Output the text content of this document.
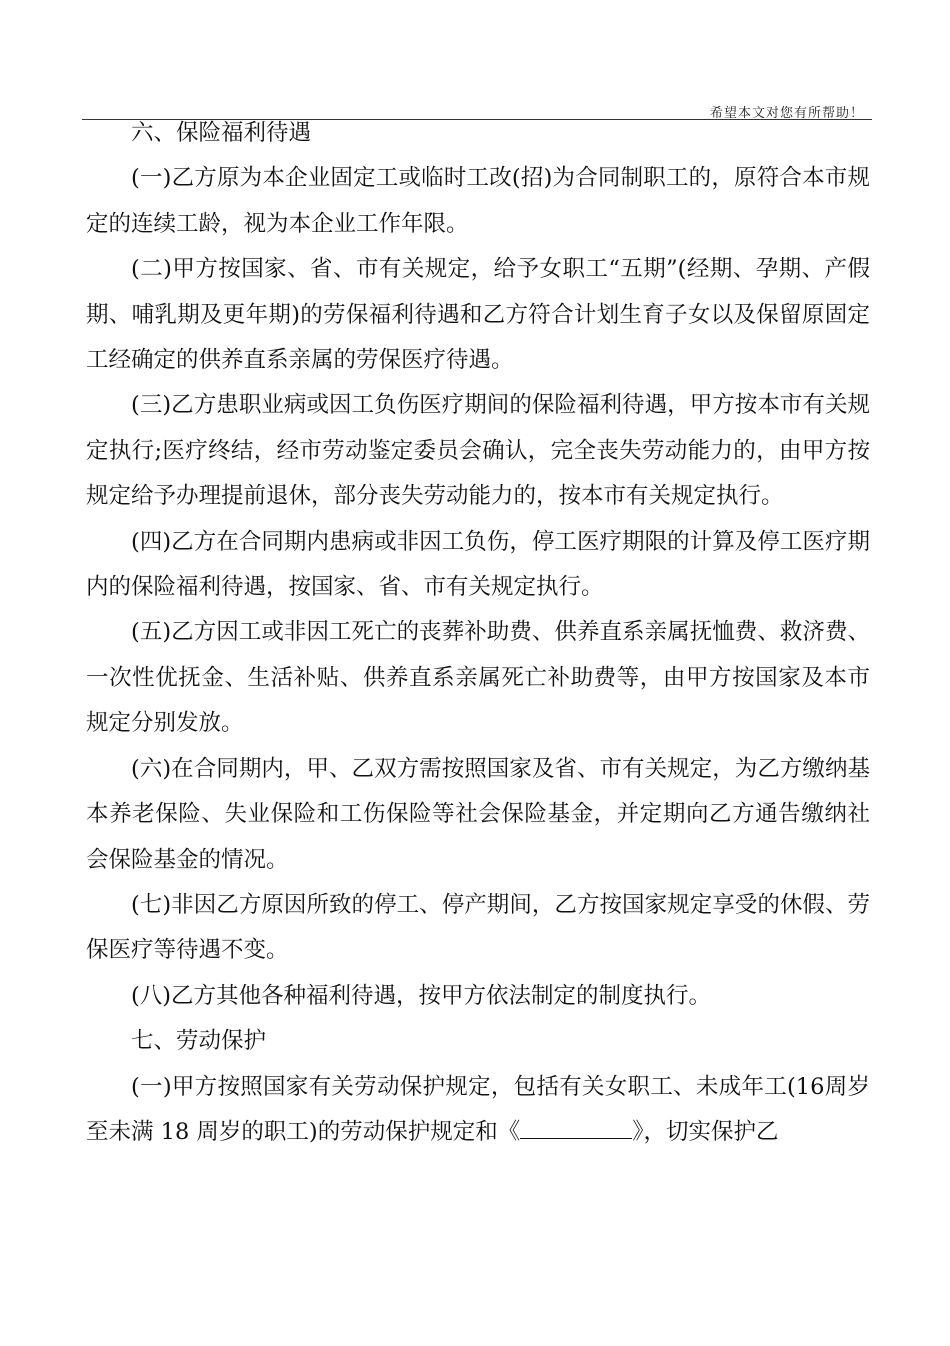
希望本文对您有所帮助！

六、保险福利待遇

(一)乙方原为本企业固定工或临时工改(招)为合同制职工的，原符合本市规定的连续工龄，视为本企业工作年限。

(二)甲方按国家、省、市有关规定，给予女职工“五期”(经期、孕期、产假期、哺乳期及更年期)的劳保福利待遇和乙方符合计划生育子女以及保留原固定工经确定的供养直系亲属的劳保医疗待遇。

(三)乙方患职业病或因工负伤医疗期间的保险福利待遇，甲方按本市有关规定执行;医疗终结，经市劳动鉴定委员会确认，完全丧失劳动能力的，由甲方按规定给予办理提前退休，部分丧失劳动能力的，按本市有关规定执行。

(四)乙方在合同期内患病或非因工负伤，停工医疗期限的计算及停工医疗期内的保险福利待遇，按国家、省、市有关规定执行。

(五)乙方因工或非因工死亡的丧葬补助费、供养直系亲属抚恤费、救济费、一次性优抚金、生活补贴、供养直系亲属死亡补助费等，由甲方按国家及本市规定分别发放。

(六)在合同期内，甲、乙双方需按照国家及省、市有关规定，为乙方缴纳基本养老保险、失业保险和工伤保险等社会保险基金，并定期向乙方通告缴纳社会保险基金的情况。

(七)非因乙方原因所致的停工、停产期间，乙方按国家规定享受的休假、劳保医疗等待遇不变。

(八)乙方其他各种福利待遇，按甲方依法制定的制度执行。

七、劳动保护

(一)甲方按照国家有关劳动保护规定，包括有关女职工、未成年工(16周岁至未满 18 周岁的职工)的劳动保护规定和《	》，切实保护乙
